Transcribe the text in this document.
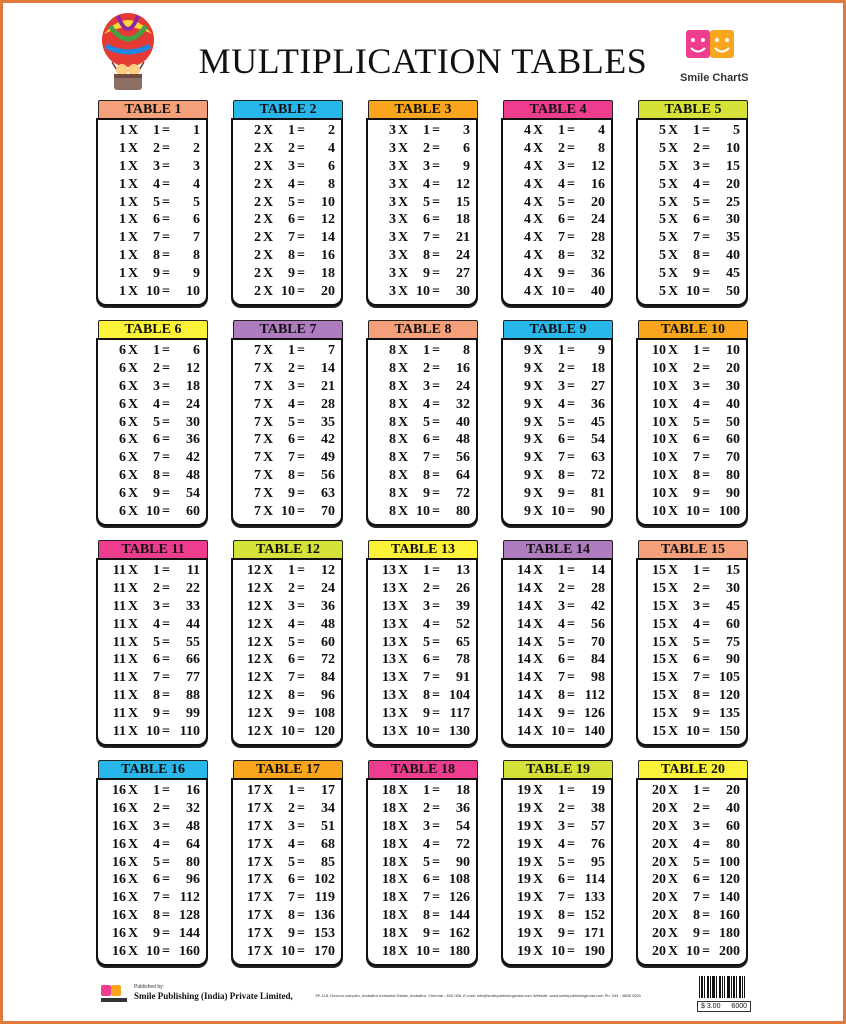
MULTIPLICATION TABLES	Smile ChartS
TABLE 1
1 X 1 = 1
1 X 2 = 2
1 X 3 = 3
1 X 4 = 4
1 X 5 = 5
1 X 6 = 6
1 X 7 = 7
1 X 8 = 8
1 X 9 = 9
1 X 10 = 10
TABLE 2
2 X 1 = 2
2 X 2 = 4
2 X 3 = 6
2 X 4 = 8
2 X 5 = 10
2 X 6 = 12
2 X 7 = 14
2 X 8 = 16
2 X 9 = 18
2 X 10 = 20
TABLE 3
3 X 1 = 3
3 X 2 = 6
3 X 3 = 9
3 X 4 = 12
3 X 5 = 15
3 X 6 = 18
3 X 7 = 21
3 X 8 = 24
3 X 9 = 27
3 X 10 = 30
TABLE 4
4 X 1 = 4
4 X 2 = 8
4 X 3 = 12
4 X 4 = 16
4 X 5 = 20
4 X 6 = 24
4 X 7 = 28
4 X 8 = 32
4 X 9 = 36
4 X 10 = 40
TABLE 5
5 X 1 = 5
5 X 2 = 10
5 X 3 = 15
5 X 4 = 20
5 X 5 = 25
5 X 6 = 30
5 X 7 = 35
5 X 8 = 40
5 X 9 = 45
5 X 10 = 50
TABLE 6
6 X 1 = 6
6 X 2 = 12
6 X 3 = 18
6 X 4 = 24
6 X 5 = 30
6 X 6 = 36
6 X 7 = 42
6 X 8 = 48
6 X 9 = 54
6 X 10 = 60
TABLE 7
7 X 1 = 7
7 X 2 = 14
7 X 3 = 21
7 X 4 = 28
7 X 5 = 35
7 X 6 = 42
7 X 7 = 49
7 X 8 = 56
7 X 9 = 63
7 X 10 = 70
TABLE 8
8 X 1 = 8
8 X 2 = 16
8 X 3 = 24
8 X 4 = 32
8 X 5 = 40
8 X 6 = 48
8 X 7 = 56
8 X 8 = 64
8 X 9 = 72
8 X 10 = 80
TABLE 9
9 X 1 = 9
9 X 2 = 18
9 X 3 = 27
9 X 4 = 36
9 X 5 = 45
9 X 6 = 54
9 X 7 = 63
9 X 8 = 72
9 X 9 = 81
9 X 10 = 90
TABLE 10
10 X 1 = 10
10 X 2 = 20
10 X 3 = 30
10 X 4 = 40
10 X 5 = 50
10 X 6 = 60
10 X 7 = 70
10 X 8 = 80
10 X 9 = 90
10 X 10 = 100
TABLE 11
11 X 1 = 11
11 X 2 = 22
11 X 3 = 33
11 X 4 = 44
11 X 5 = 55
11 X 6 = 66
11 X 7 = 77
11 X 8 = 88
11 X 9 = 99
11 X 10 = 110
TABLE 12
12 X 1 = 12
12 X 2 = 24
12 X 3 = 36
12 X 4 = 48
12 X 5 = 60
12 X 6 = 72
12 X 7 = 84
12 X 8 = 96
12 X 9 = 108
12 X 10 = 120
TABLE 13
13 X 1 = 13
13 X 2 = 26
13 X 3 = 39
13 X 4 = 52
13 X 5 = 65
13 X 6 = 78
13 X 7 = 91
13 X 8 = 104
13 X 9 = 117
13 X 10 = 130
TABLE 14
14 X 1 = 14
14 X 2 = 28
14 X 3 = 42
14 X 4 = 56
14 X 5 = 70
14 X 6 = 84
14 X 7 = 98
14 X 8 = 112
14 X 9 = 126
14 X 10 = 140
TABLE 15
15 X 1 = 15
15 X 2 = 30
15 X 3 = 45
15 X 4 = 60
15 X 5 = 75
15 X 6 = 90
15 X 7 = 105
15 X 8 = 120
15 X 9 = 135
15 X 10 = 150
TABLE 16
16 X 1 = 16
16 X 2 = 32
16 X 3 = 48
16 X 4 = 64
16 X 5 = 80
16 X 6 = 96
16 X 7 = 112
16 X 8 = 128
16 X 9 = 144
16 X 10 = 160
TABLE 17
17 X 1 = 17
17 X 2 = 34
17 X 3 = 51
17 X 4 = 68
17 X 5 = 85
17 X 6 = 102
17 X 7 = 119
17 X 8 = 136
17 X 9 = 153
17 X 10 = 170
TABLE 18
18 X 1 = 18
18 X 2 = 36
18 X 3 = 54
18 X 4 = 72
18 X 5 = 90
18 X 6 = 108
18 X 7 = 126
18 X 8 = 144
18 X 9 = 162
18 X 10 = 180
TABLE 19
19 X 1 = 19
19 X 2 = 38
19 X 3 = 57
19 X 4 = 76
19 X 5 = 95
19 X 6 = 114
19 X 7 = 133
19 X 8 = 152
19 X 9 = 171
19 X 10 = 190
TABLE 20
20 X 1 = 20
20 X 2 = 40
20 X 3 = 60
20 X 4 = 80
20 X 5 = 100
20 X 6 = 120
20 X 7 = 140
20 X 8 = 160
20 X 9 = 180
20 X 10 = 200
Published by:
Smile Publishing (India) Private Limited,	SP-118, Dexcon complex, Ambattur Industrial Estate, Ambattur, Chennai - 600 058. E-mail: info@smilepublishingindia.com Website: www.smilepublishingindia.com Ph: 044 - 4858 2000
$ 3.00 6000
